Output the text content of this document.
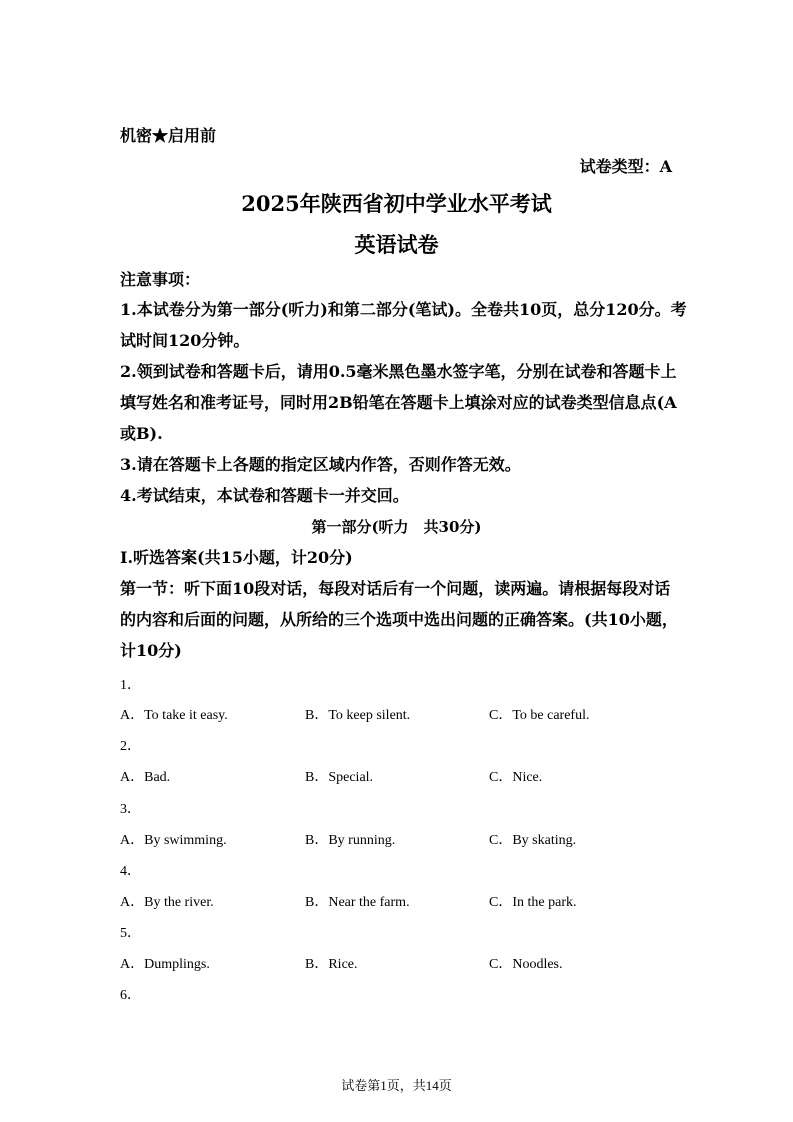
机密★启用前
试卷类型：A
2025年陕西省初中学业水平考试
英语试卷
注意事项：
1.本试卷分为第一部分(听力)和第二部分(笔试)。全卷共10页，总分120分。考
试时间120分钟。
2.领到试卷和答题卡后，请用0.5毫米黑色墨水签字笔，分别在试卷和答题卡上
填写姓名和准考证号，同时用2B铅笔在答题卡上填涂对应的试卷类型信息点(A
或B).
3.请在答题卡上各题的指定区域内作答，否则作答无效。
4.考试结束，本试卷和答题卡一并交回。
第一部分(听力　共30分)
I.听选答案(共15小题，计20分)
第一节：听下面10段对话，每段对话后有一个问题，读两遍。请根据每段对话
的内容和后面的问题，从所给的三个选项中选出问题的正确答案。(共10小题，
计10分)
1．
A．To take it easy.	B．To keep silent.	C．To be careful.
2．
A．Bad.	B．Special.	C．Nice.
3．
A．By swimming.	B．By running.	C．By skating.
4．
A．By the river.	B．Near the farm.	C．In the park.
5．
A．Dumplings.	B．Rice.	C．Noodles.
6．
试卷第1页，共14页
